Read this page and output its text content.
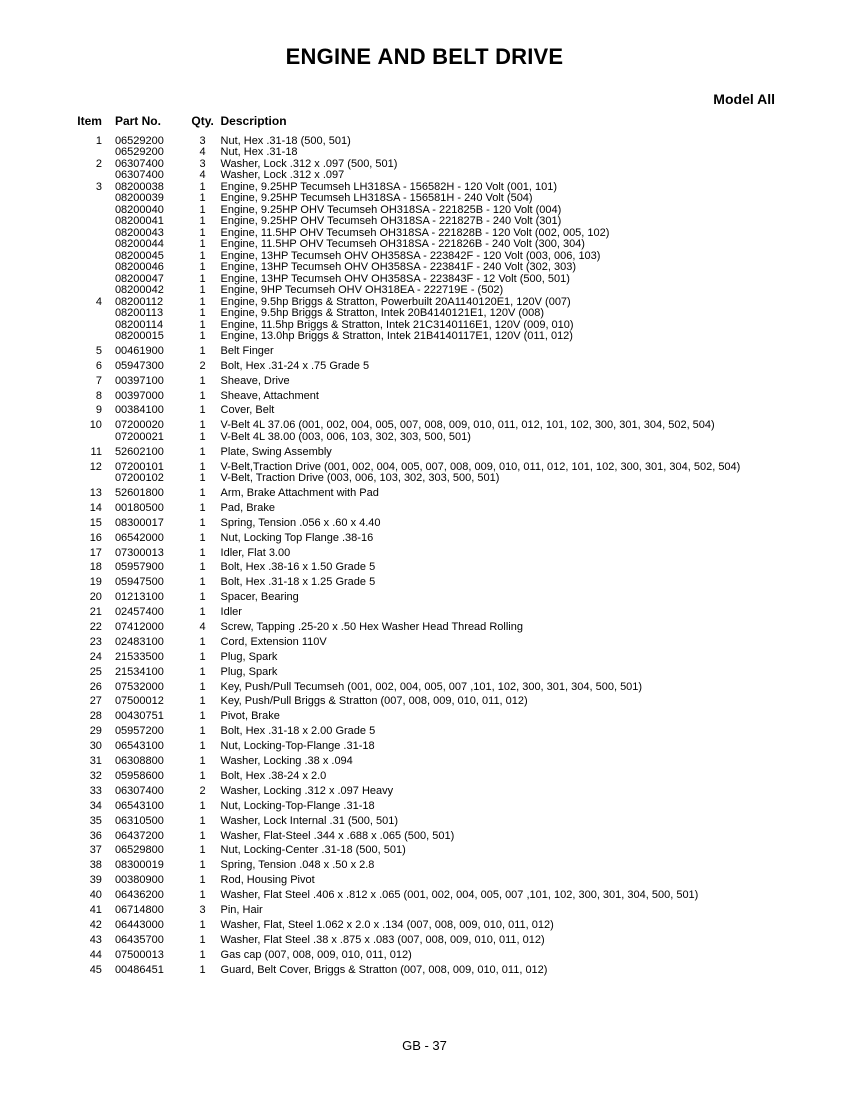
ENGINE AND BELT DRIVE
Model All
Item	Part No.	Qty.	Description
1	06529200	3	Nut, Hex .31-18 (500, 501)
	06529200	4	Nut, Hex .31-18
2	06307400	3	Washer, Lock .312 x .097 (500, 501)
	06307400	4	Washer, Lock .312 x .097
3	08200038	1	Engine, 9.25HP Tecumseh LH318SA - 156582H - 120 Volt (001, 101)
	08200039	1	Engine, 9.25HP Tecumseh LH318SA - 156581H - 240 Volt (504)
	08200040	1	Engine, 9.25HP OHV Tecumseh OH318SA - 221825B - 120 Volt (004)
	08200041	1	Engine, 9.25HP OHV Tecumseh OH318SA - 221827B - 240 Volt (301)
	08200043	1	Engine, 11.5HP OHV Tecumseh OH318SA - 221828B - 120 Volt (002, 005, 102)
	08200044	1	Engine, 11.5HP OHV Tecumseh OH318SA - 221826B - 240 Volt (300, 304)
	08200045	1	Engine, 13HP Tecumseh OHV OH358SA - 223842F - 120 Volt (003, 006, 103)
	08200046	1	Engine, 13HP Tecumseh OHV OH358SA - 223841F - 240 Volt (302, 303)
	08200047	1	Engine, 13HP Tecumseh OHV OH358SA - 223843F - 12 Volt (500, 501)
	08200042	1	Engine, 9HP Tecumseh OHV OH318EA - 222719E - (502)
4	08200112	1	Engine, 9.5hp Briggs & Stratton, Powerbuilt 20A1140120E1, 120V (007)
	08200113	1	Engine, 9.5hp Briggs & Stratton, Intek 20B4140121E1, 120V (008)
	08200114	1	Engine, 11.5hp Briggs & Stratton, Intek 21C3140116E1, 120V (009, 010)
	08200015	1	Engine, 13.0hp Briggs & Stratton, Intek 21B4140117E1, 120V (011, 012)
5	00461900	1	Belt Finger
6	05947300	2	Bolt, Hex .31-24 x .75 Grade 5
7	00397100	1	Sheave, Drive
8	00397000	1	Sheave, Attachment
9	00384100	1	Cover, Belt
10	07200020	1	V-Belt 4L 37.06 (001, 002, 004, 005, 007, 008, 009, 010, 011, 012, 101, 102, 300, 301, 304, 502, 504)
	07200021	1	V-Belt 4L 38.00 (003, 006, 103, 302, 303, 500, 501)
11	52602100	1	Plate, Swing Assembly
12	07200101	1	V-Belt,Traction Drive (001, 002, 004, 005, 007, 008, 009, 010, 011, 012, 101, 102, 300, 301, 304, 502, 504)
	07200102	1	V-Belt, Traction Drive (003, 006, 103, 302, 303, 500, 501)
13	52601800	1	Arm, Brake Attachment with Pad
14	00180500	1	Pad, Brake
15	08300017	1	Spring, Tension .056 x .60 x 4.40
16	06542000	1	Nut, Locking Top Flange .38-16
17	07300013	1	Idler, Flat 3.00
18	05957900	1	Bolt, Hex .38-16 x 1.50 Grade 5
19	05947500	1	Bolt, Hex .31-18 x 1.25 Grade 5
20	01213100	1	Spacer, Bearing
21	02457400	1	Idler
22	07412000	4	Screw, Tapping .25-20 x .50 Hex Washer Head Thread Rolling
23	02483100	1	Cord, Extension 110V
24	21533500	1	Plug, Spark
25	21534100	1	Plug, Spark
26	07532000	1	Key, Push/Pull Tecumseh (001, 002, 004, 005, 007 ,101, 102, 300, 301, 304, 500, 501)
27	07500012	1	Key, Push/Pull Briggs & Stratton (007, 008, 009, 010, 011, 012)
28	00430751	1	Pivot, Brake
29	05957200	1	Bolt, Hex .31-18 x 2.00 Grade 5
30	06543100	1	Nut, Locking-Top-Flange .31-18
31	06308800	1	Washer, Locking .38 x .094
32	05958600	1	Bolt, Hex .38-24 x 2.0
33	06307400	2	Washer, Locking .312 x .097 Heavy
34	06543100	1	Nut, Locking-Top-Flange .31-18
35	06310500	1	Washer, Lock Internal .31 (500, 501)
36	06437200	1	Washer, Flat-Steel .344 x .688 x .065 (500, 501)
37	06529800	1	Nut, Locking-Center .31-18 (500, 501)
38	08300019	1	Spring, Tension .048 x .50 x 2.8
39	00380900	1	Rod, Housing Pivot
40	06436200	1	Washer, Flat Steel .406 x .812 x .065 (001, 002, 004, 005, 007 ,101, 102, 300, 301, 304, 500, 501)
41	06714800	3	Pin, Hair
42	06443000	1	Washer, Flat, Steel 1.062 x 2.0 x .134 (007, 008, 009, 010, 011, 012)
43	06435700	1	Washer, Flat Steel .38 x .875 x .083 (007, 008, 009, 010, 011, 012)
44	07500013	1	Gas cap (007, 008, 009, 010, 011, 012)
45	00486451	1	Guard, Belt Cover, Briggs & Stratton (007, 008, 009, 010, 011, 012)
GB - 37
